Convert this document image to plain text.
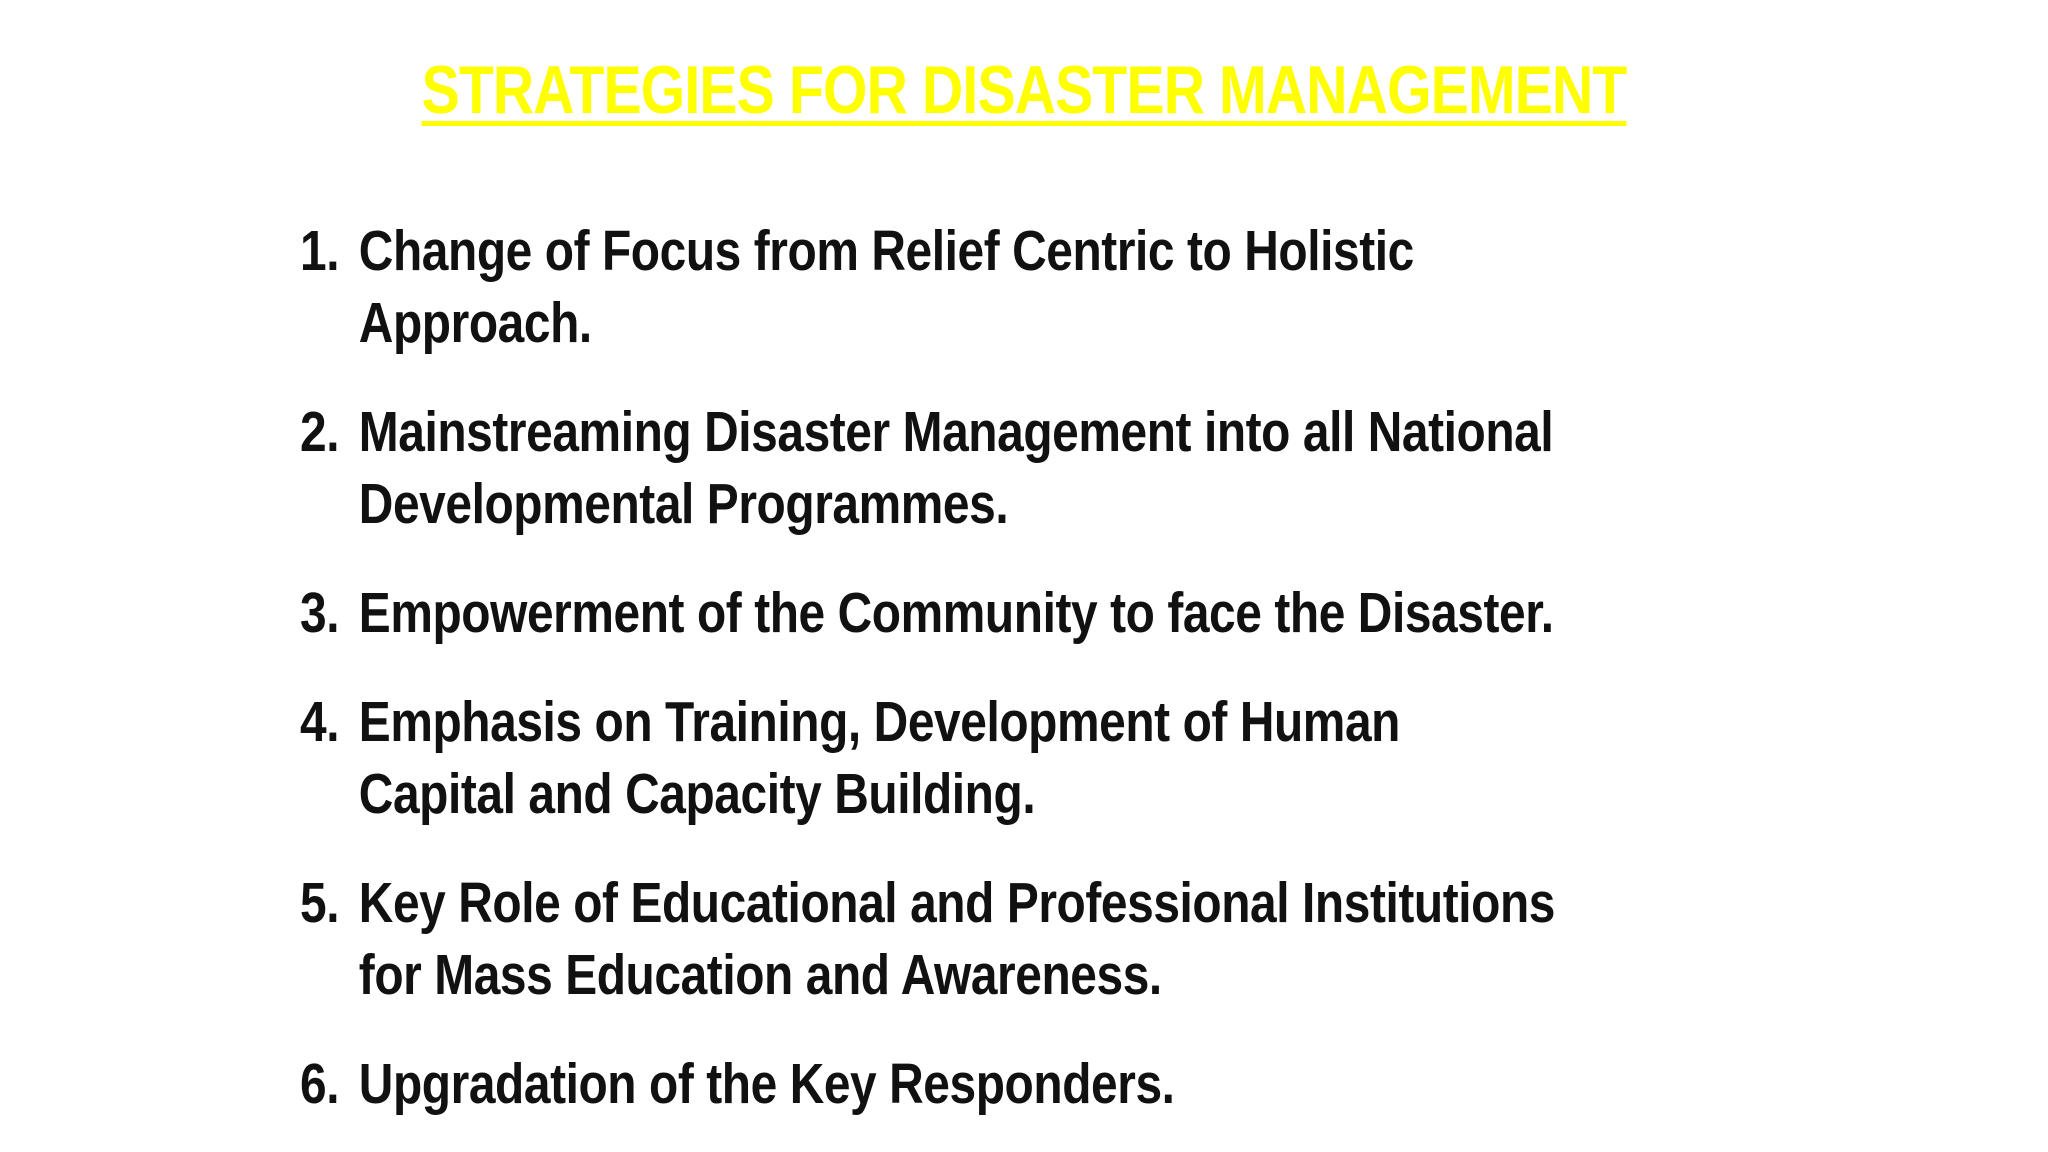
STRATEGIES FOR DISASTER MANAGEMENT
1. Change of Focus from Relief Centric to Holistic Approach.
2. Mainstreaming Disaster Management into all National Developmental Programmes.
3. Empowerment of the Community to face the Disaster.
4. Emphasis on Training, Development of Human Capital and Capacity Building.
5. Key Role of Educational and Professional Institutions for Mass Education and Awareness.
6. Upgradation of the Key Responders.
